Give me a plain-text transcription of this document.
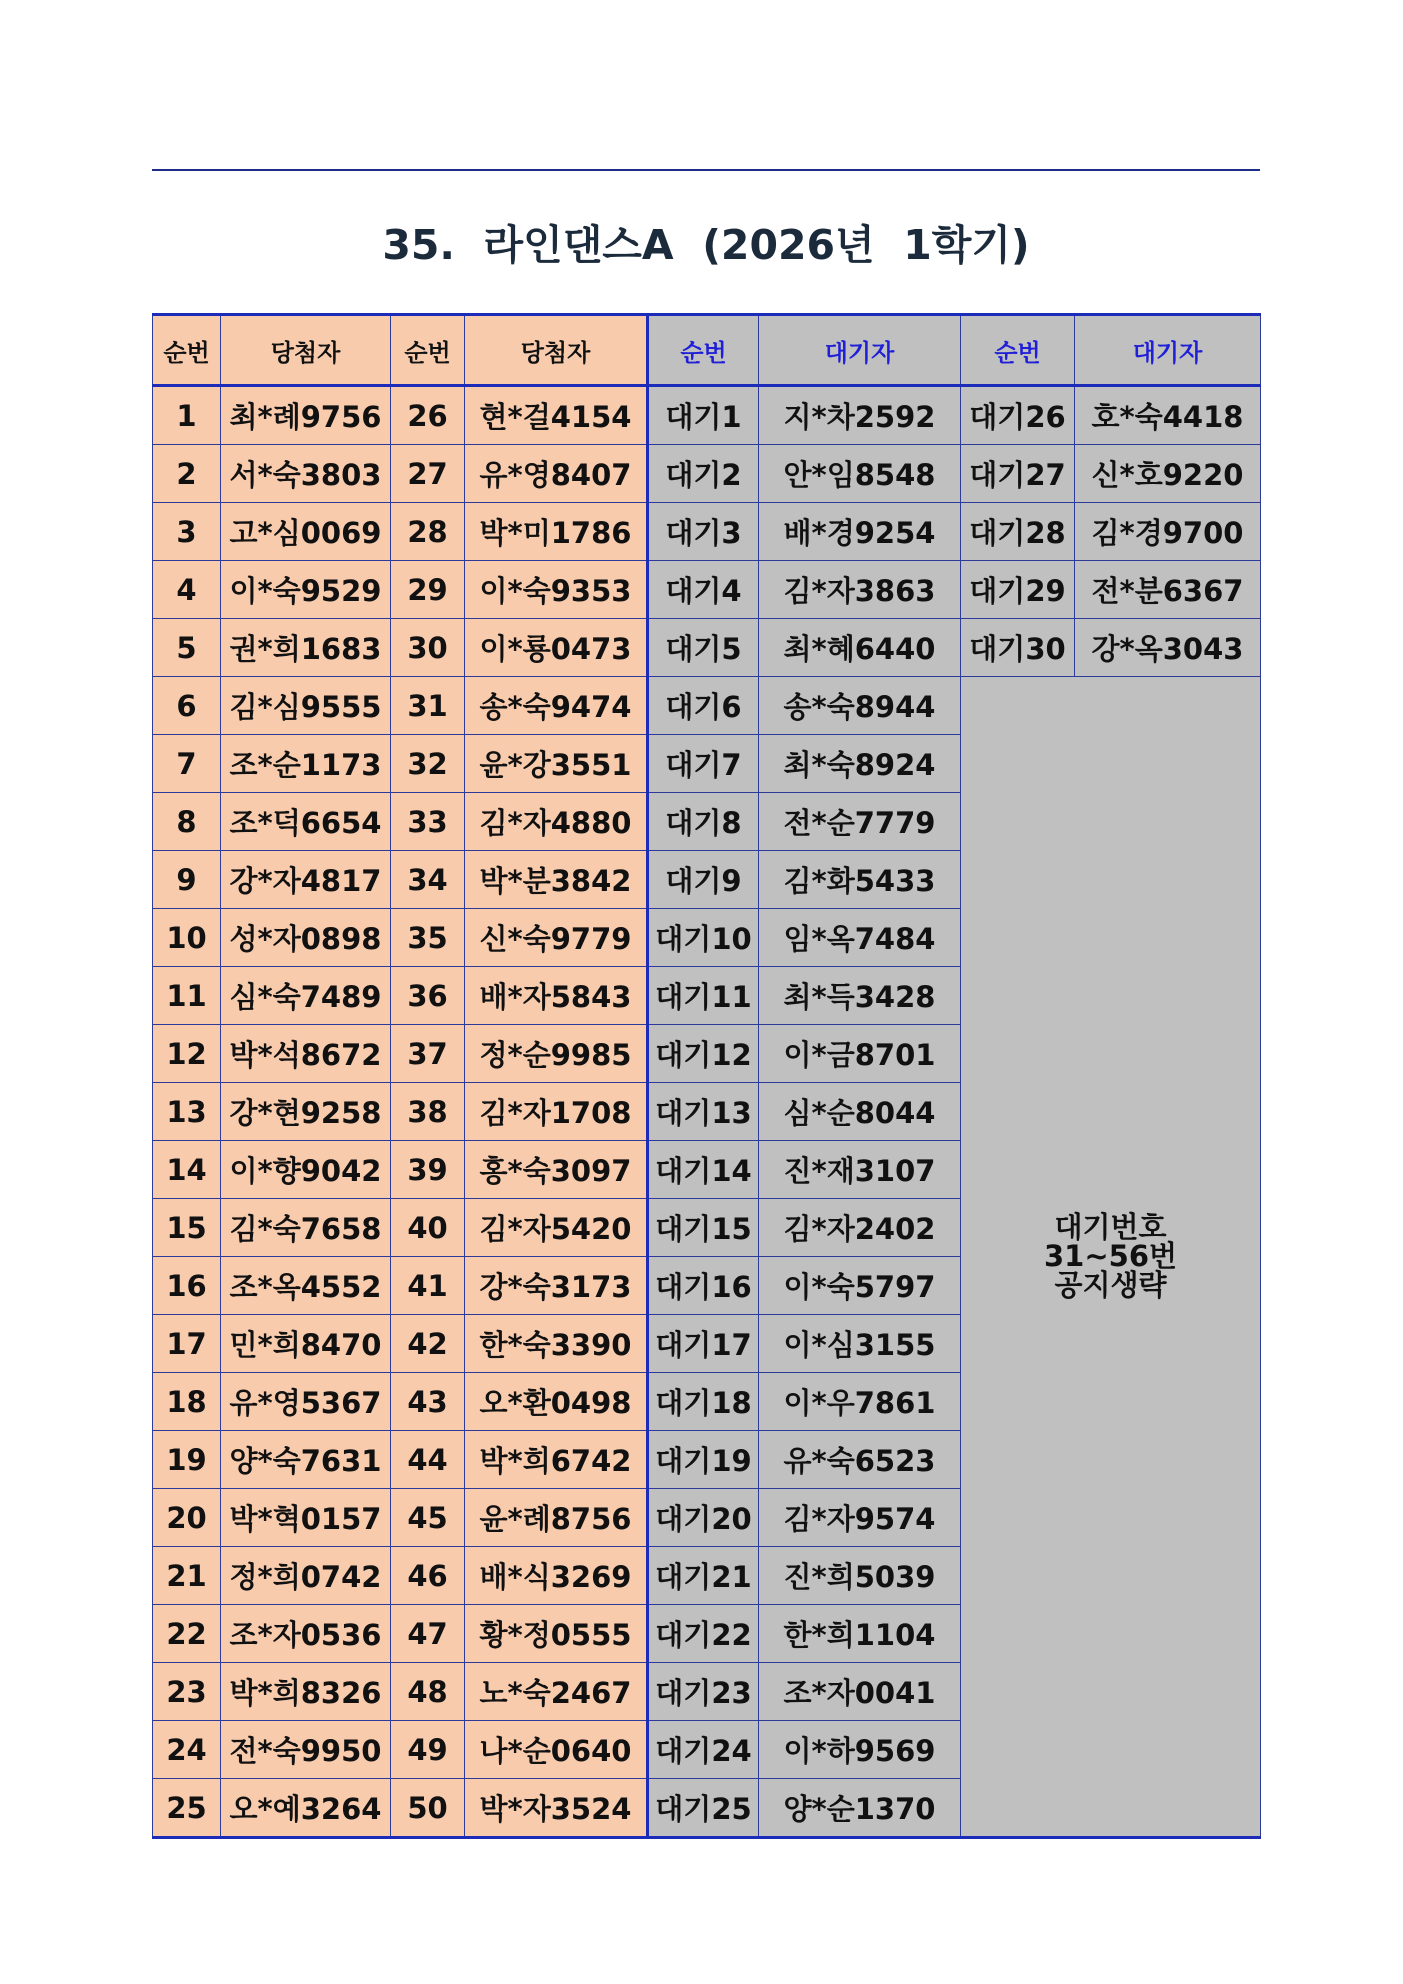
35.  라인댄스A  (2026년  1학기)
순번	당첨자	순번	당첨자	순번	대기자	순번	대기자
1	최*례9756	26	현*걸4154	대기1	지*차2592	대기26	호*숙4418
2	서*숙3803	27	유*영8407	대기2	안*임8548	대기27	신*호9220
3	고*심0069	28	박*미1786	대기3	배*경9254	대기28	김*경9700
4	이*숙9529	29	이*숙9353	대기4	김*자3863	대기29	전*분6367
5	권*희1683	30	이*룡0473	대기5	최*혜6440	대기30	강*옥3043
6	김*심9555	31	송*숙9474	대기6	송*숙8944	대기번호
31~56번
공지생략	

7	조*순1173	32	윤*강3551	대기7	최*숙8924		
8	조*덕6654	33	김*자4880	대기8	전*순7779		
9	강*자4817	34	박*분3842	대기9	김*화5433		
10	성*자0898	35	신*숙9779	대기10	임*옥7484		
11	심*숙7489	36	배*자5843	대기11	최*득3428		
12	박*석8672	37	정*순9985	대기12	이*금8701		
13	강*현9258	38	김*자1708	대기13	심*순8044		
14	이*향9042	39	홍*숙3097	대기14	진*재3107		
15	김*숙7658	40	김*자5420	대기15	김*자2402		
16	조*옥4552	41	강*숙3173	대기16	이*숙5797		
17	민*희8470	42	한*숙3390	대기17	이*심3155		
18	유*영5367	43	오*환0498	대기18	이*우7861		
19	양*숙7631	44	박*희6742	대기19	유*숙6523		
20	박*혁0157	45	윤*례8756	대기20	김*자9574		
21	정*희0742	46	배*식3269	대기21	진*희5039		
22	조*자0536	47	황*정0555	대기22	한*희1104		
23	박*희8326	48	노*숙2467	대기23	조*자0041		
24	전*숙9950	49	나*순0640	대기24	이*하9569		
25	오*예3264	50	박*자3524	대기25	양*순1370		
